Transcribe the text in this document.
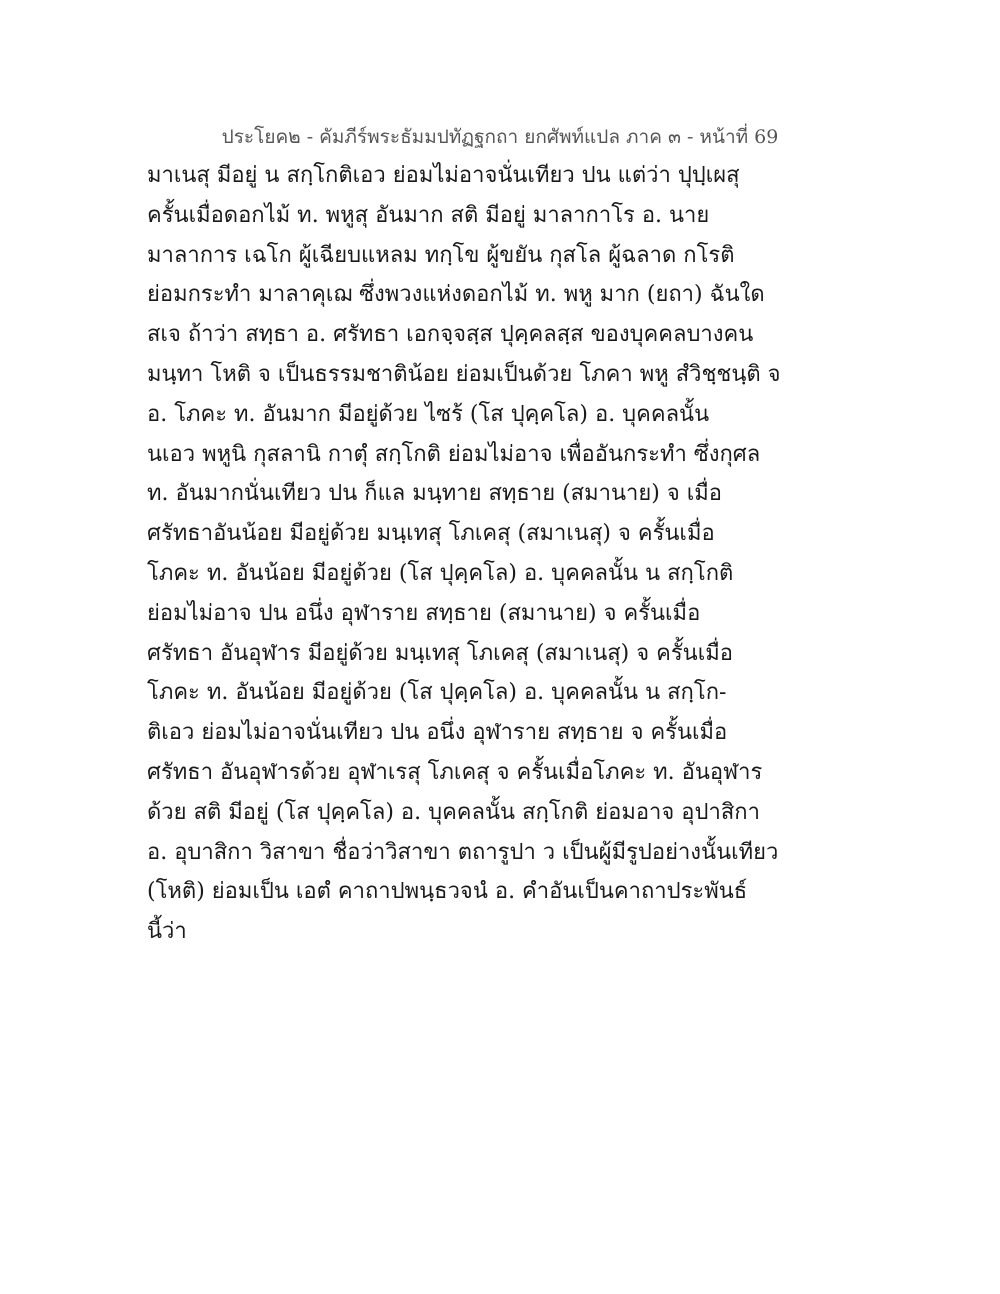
ประโยค๒ - คัมภีร์พระธัมมปทัฏฐกถา ยกศัพท์แปล ภาค ๓ - หน้าที่ 69
มาเนสุ มีอยู่ น สกฺโกติเอว ย่อมไม่อาจนั่นเทียว ปน แต่ว่า ปุปฺเผสุ
ครั้นเมื่อดอกไม้ ท. พหูสุ อันมาก สติ มีอยู่ มาลากาโร อ. นาย
มาลาการ เฉโก ผู้เฉียบแหลม ทกฺโข ผู้ขยัน กุสโล ผู้ฉลาด กโรติ
ย่อมกระทำ มาลาคุเฌ ซึ่งพวงแห่งดอกไม้ ท. พหู มาก (ยถา) ฉันใด
สเจ ถ้าว่า สทฺธา อ. ศรัทธา เอกจฺจสฺส ปุคฺคลสฺส ของบุคคลบางคน
มนฺทา โหติ จ เป็นธรรมชาติน้อย ย่อมเป็นด้วย โภคา พหู สํวิชฺชนฺติ จ
อ. โภคะ ท. อันมาก มีอยู่ด้วย ไซร้ (โส ปุคฺคโล) อ. บุคคลนั้น
นเอว พหูนิ กุสลานิ กาตุํ สกฺโกติ ย่อมไม่อาจ เพื่ออันกระทำ ซึ่งกุศล
ท. อันมากนั่นเทียว ปน ก็แล มนฺทาย สทฺธาย (สมานาย) จ เมื่อ
ศรัทธาอันน้อย มีอยู่ด้วย มนฺเทสุ โภเคสุ (สมาเนสุ) จ ครั้นเมื่อ
โภคะ ท. อันน้อย มีอยู่ด้วย (โส ปุคฺคโล) อ. บุคคลนั้น น สกฺโกติ
ย่อมไม่อาจ ปน อนึ่ง อุฬาราย สทฺธาย (สมานาย) จ ครั้นเมื่อ
ศรัทธา อันอุฬาร มีอยู่ด้วย มนฺเทสุ โภเคสุ (สมาเนสุ) จ ครั้นเมื่อ
โภคะ ท. อันน้อย มีอยู่ด้วย (โส ปุคฺคโล) อ. บุคคลนั้น น สกฺโก-
ติเอว ย่อมไม่อาจนั่นเทียว ปน อนึ่ง อุฬาราย สทฺธาย จ ครั้นเมื่อ
ศรัทธา อันอุฬารด้วย อุฬาเรสุ โภเคสุ จ ครั้นเมื่อโภคะ ท. อันอุฬาร
ด้วย สติ มีอยู่ (โส ปุคฺคโล) อ. บุคคลนั้น สกฺโกติ ย่อมอาจ อุปาสิกา
อ. อุบาสิกา วิสาขา ชื่อว่าวิสาขา ตถารูปา ว เป็นผู้มีรูปอย่างนั้นเทียว
(โหติ) ย่อมเป็น เอตํ คาถาปพนฺธวจนํ อ. คำอันเป็นคาถาประพันธ์
นี้ว่า
